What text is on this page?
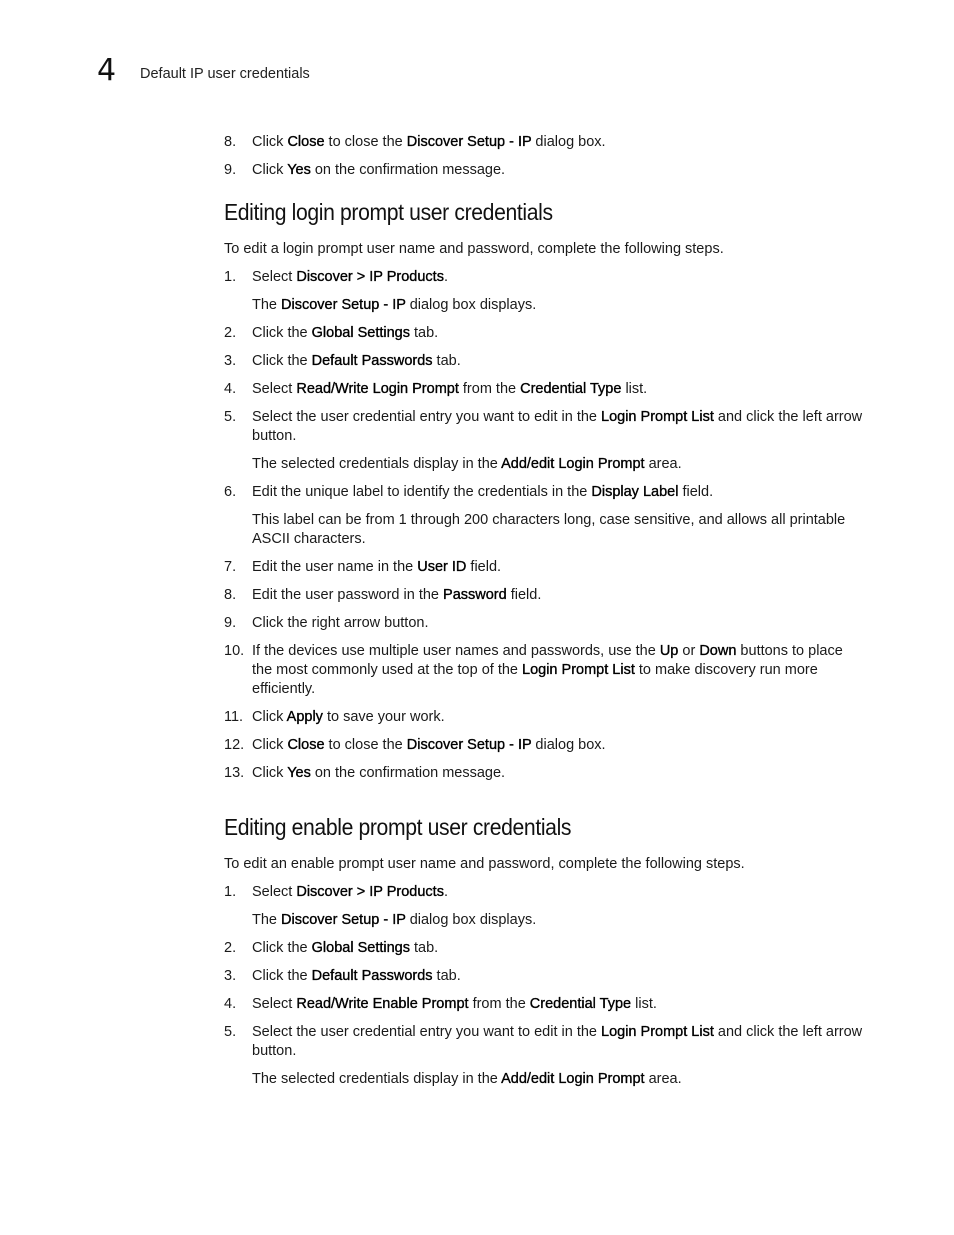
4 Default IP user credentials
8. Click Close to close the Discover Setup - IP dialog box.
9. Click Yes on the confirmation message.
Editing login prompt user credentials
To edit a login prompt user name and password, complete the following steps.
1. Select Discover > IP Products.
The Discover Setup - IP dialog box displays.
2. Click the Global Settings tab.
3. Click the Default Passwords tab.
4. Select Read/Write Login Prompt from the Credential Type list.
5. Select the user credential entry you want to edit in the Login Prompt List and click the left arrow button.
The selected credentials display in the Add/edit Login Prompt area.
6. Edit the unique label to identify the credentials in the Display Label field.
This label can be from 1 through 200 characters long, case sensitive, and allows all printable ASCII characters.
7. Edit the user name in the User ID field.
8. Edit the user password in the Password field.
9. Click the right arrow button.
10. If the devices use multiple user names and passwords, use the Up or Down buttons to place the most commonly used at the top of the Login Prompt List to make discovery run more efficiently.
11. Click Apply to save your work.
12. Click Close to close the Discover Setup - IP dialog box.
13. Click Yes on the confirmation message.
Editing enable prompt user credentials
To edit an enable prompt user name and password, complete the following steps.
1. Select Discover > IP Products.
The Discover Setup - IP dialog box displays.
2. Click the Global Settings tab.
3. Click the Default Passwords tab.
4. Select Read/Write Enable Prompt from the Credential Type list.
5. Select the user credential entry you want to edit in the Login Prompt List and click the left arrow button.
The selected credentials display in the Add/edit Login Prompt area.
